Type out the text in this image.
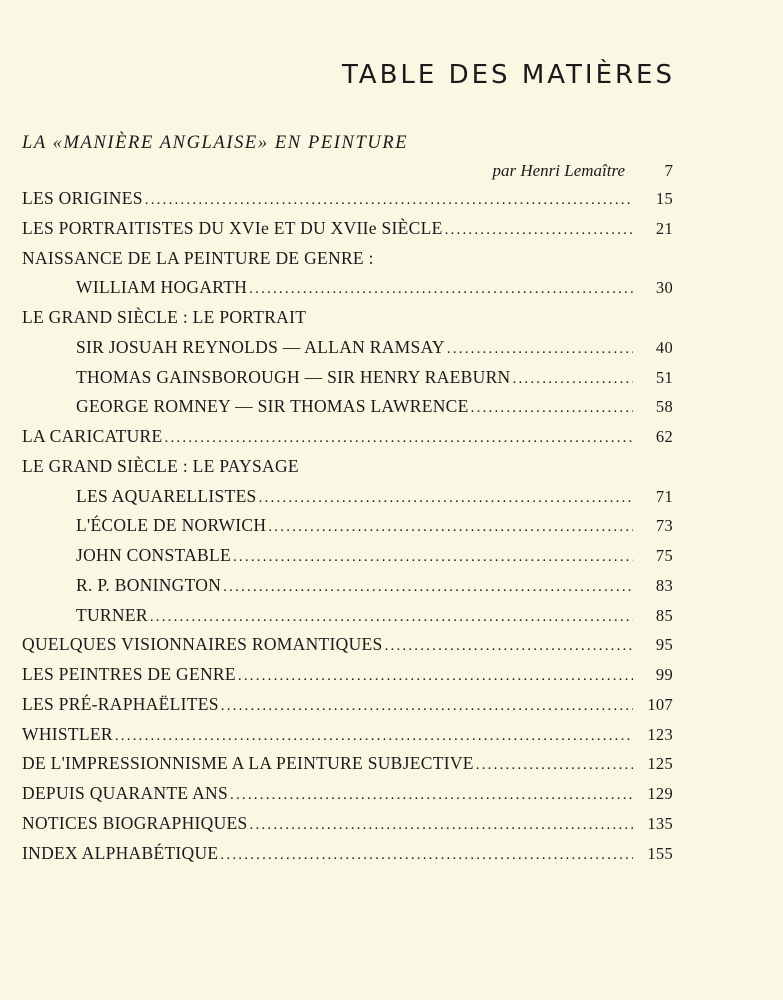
TABLE DES MATIÈRES
LA «MANIÈRE ANGLAISE» EN PEINTURE
par Henri Lemaître	7
LES ORIGINES .....	15
LES PORTRAITISTES DU XVIe ET DU XVIIe SIÈCLE .....	21
NAISSANCE DE LA PEINTURE DE GENRE :
WILLIAM HOGARTH .....	30
LE GRAND SIÈCLE : LE PORTRAIT
SIR JOSUAH REYNOLDS — ALLAN RAMSAY .....	40
THOMAS GAINSBOROUGH — SIR HENRY RAEBURN .....	51
GEORGE ROMNEY — SIR THOMAS LAWRENCE .....	58
LA CARICATURE .....	62
LE GRAND SIÈCLE : LE PAYSAGE
LES AQUARELLISTES .....	71
L'ÉCOLE DE NORWICH .....	73
JOHN CONSTABLE .....	75
R. P. BONINGTON .....	83
TURNER .....	85
QUELQUES VISIONNAIRES ROMANTIQUES .....	95
LES PEINTRES DE GENRE .....	99
LES PRÉ-RAPHAËLITES .....	107
WHISTLER .....	123
DE L'IMPRESSIONNISME A LA PEINTURE SUBJECTIVE .....	125
DEPUIS QUARANTE ANS .....	129
NOTICES BIOGRAPHIQUES .....	135
INDEX ALPHABÉTIQUE .....	155
